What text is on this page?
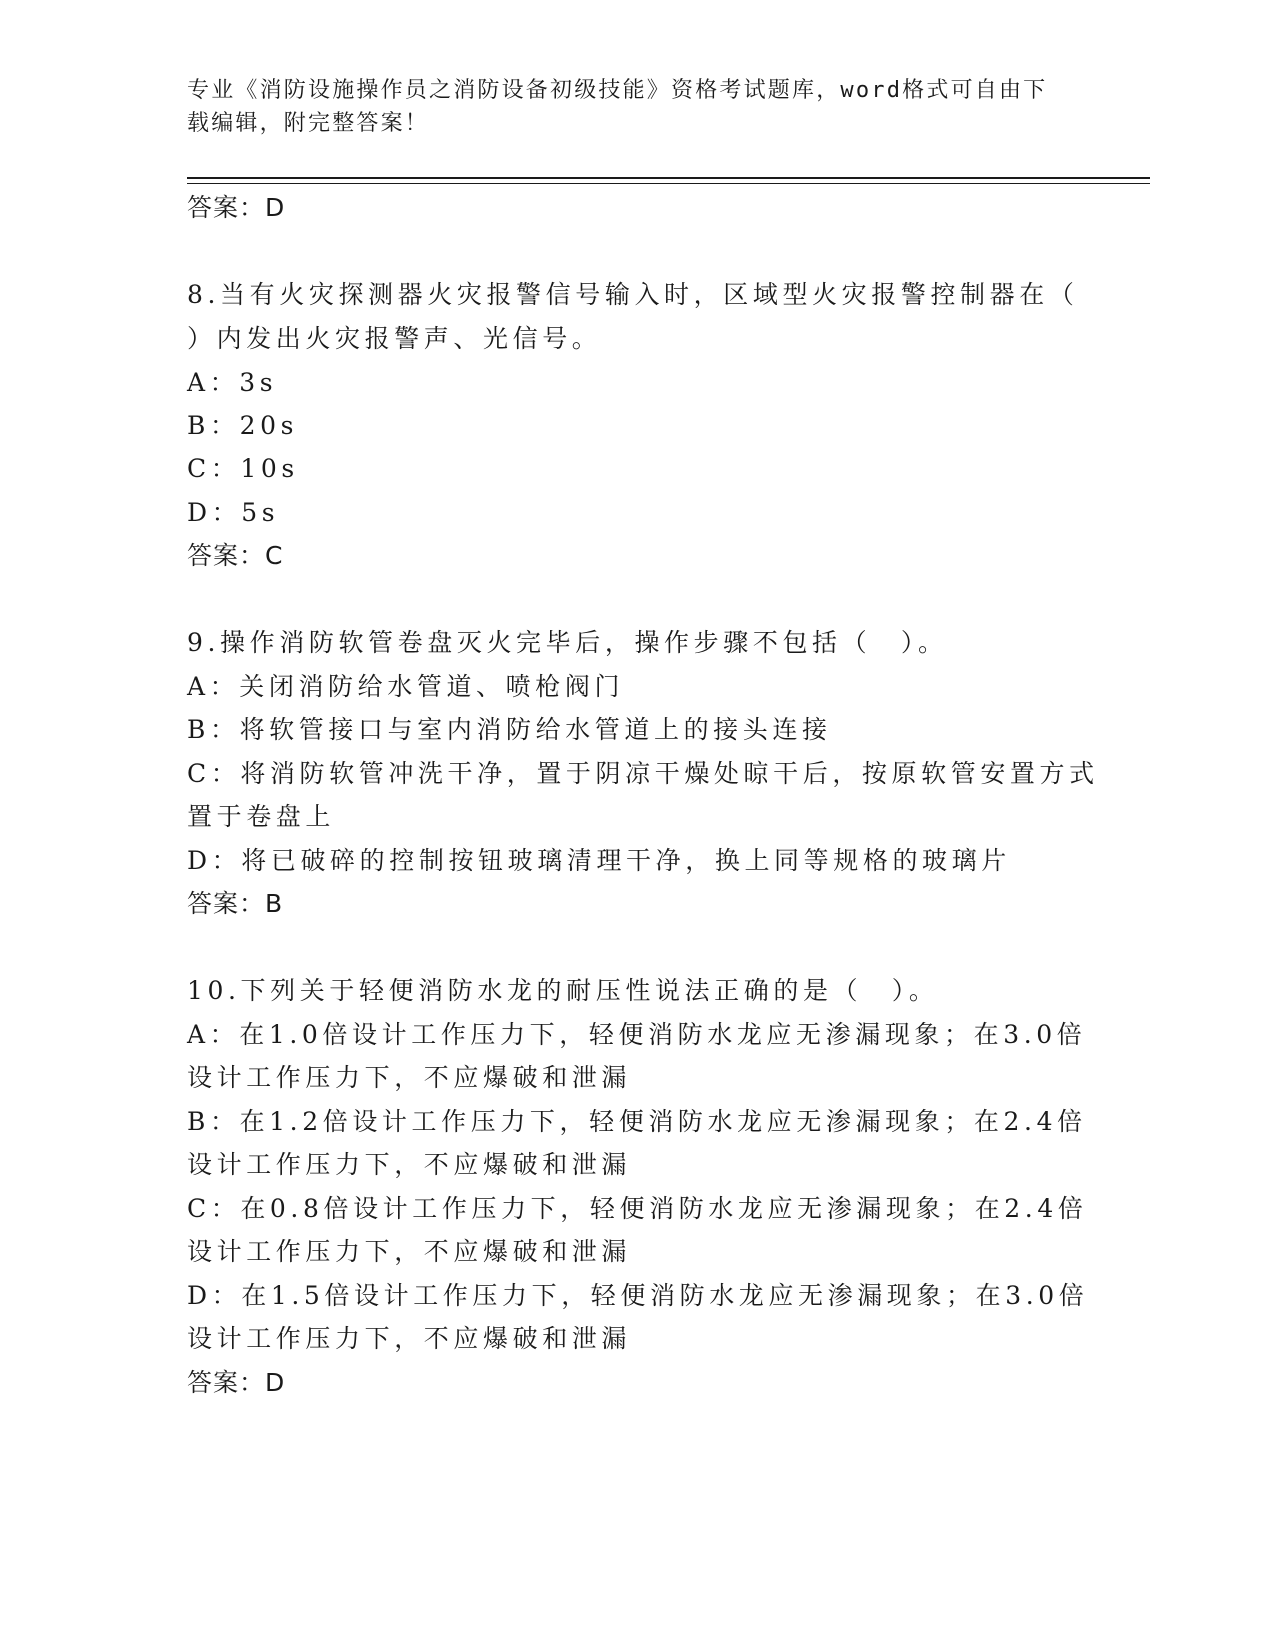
专业《消防设施操作员之消防设备初级技能》资格考试题库，word格式可自由下
载编辑，附完整答案！
答案：D
8.当有火灾探测器火灾报警信号输入时，区域型火灾报警控制器在（
）内发出火灾报警声、光信号。
A：3s
B：20s
C：10s
D：5s
答案：C
9.操作消防软管卷盘灭火完毕后，操作步骤不包括（　）。
A：关闭消防给水管道、喷枪阀门
B：将软管接口与室内消防给水管道上的接头连接
C：将消防软管冲洗干净，置于阴凉干燥处晾干后，按原软管安置方式
置于卷盘上
D：将已破碎的控制按钮玻璃清理干净，换上同等规格的玻璃片
答案：B
10.下列关于轻便消防水龙的耐压性说法正确的是（　）。
A：在1.0倍设计工作压力下，轻便消防水龙应无渗漏现象；在3.0倍
设计工作压力下，不应爆破和泄漏
B：在1.2倍设计工作压力下，轻便消防水龙应无渗漏现象；在2.4倍
设计工作压力下，不应爆破和泄漏
C：在0.8倍设计工作压力下，轻便消防水龙应无渗漏现象；在2.4倍
设计工作压力下，不应爆破和泄漏
D：在1.5倍设计工作压力下，轻便消防水龙应无渗漏现象；在3.0倍
设计工作压力下，不应爆破和泄漏
答案：D
